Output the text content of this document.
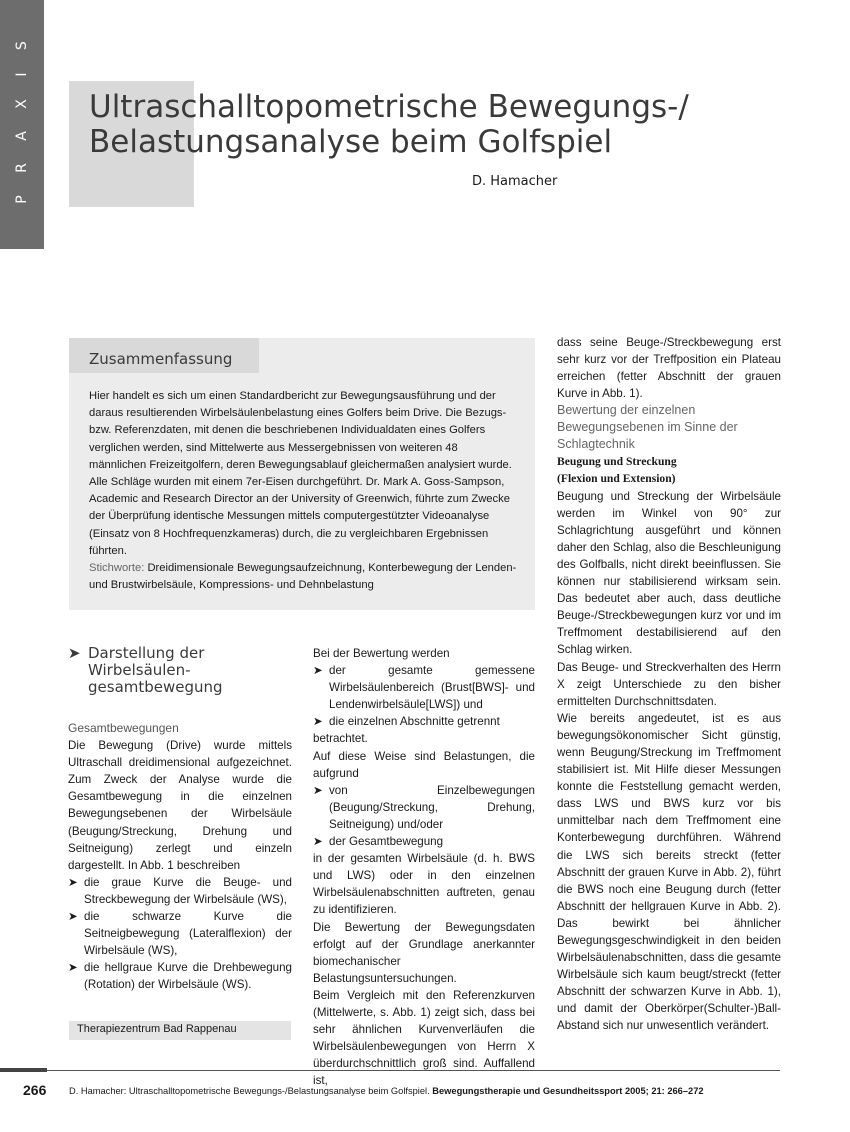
P R A X I S Ultraschalltopometrische Bewegungs-/
Belastungsanalyse beim Golfspiel
D. Hamacher
Zusammenfassung

Hier handelt es sich um einen Standardbericht zur Bewegungsausführung und der daraus resultierenden Wirbelsäulenbelastung eines Golfers beim Drive. Die Bezugs- bzw. Referenzdaten, mit denen die beschriebenen Individualdaten eines Golfers verglichen werden, sind Mittelwerte aus Messergebnissen von weiteren 48 männlichen Freizeitgolfern, deren Bewegungsablauf gleichermaßen analysiert wurde. Alle Schläge wurden mit einem 7er-Eisen durchgeführt. Dr. Mark A. Goss-Sampson, Academic and Research Director an der University of Greenwich, führte zum Zwecke der Überprüfung identische Messungen mittels computergestützter Videoanalyse (Einsatz von 8 Hochfrequenzkameras) durch, die zu vergleichbaren Ergebnissen führten.

Stichworte: Dreidimensionale Bewegungsaufzeichnung, Konterbewegung der Lenden- und Brustwirbelsäule, Kompressions- und Dehnbelastung

➤ Darstellung der Wirbelsäulen-gesamtbewegung

Gesamtbewegungen

Die Bewegung (Drive) wurde mittels Ultraschall dreidimensional aufgezeichnet. Zum Zweck der Analyse wurde die Gesamtbewegung in die einzelnen Bewegungsebenen der Wirbelsäule (Beugung/Streckung, Drehung und Seitneigung) zerlegt und einzeln dargestellt. In Abb. 1 beschreiben

➤ die graue Kurve die Beuge- und Streckbewegung der Wirbelsäule (WS),
➤ die schwarze Kurve die Seitneigbewegung (Lateralflexion) der Wirbelsäule (WS),
➤ die hellgraue Kurve die Drehbewegung (Rotation) der Wirbelsäule (WS).
Therapiezentrum Bad Rappenau

Bei der Bewertung werden

➤ der gesamte gemessene Wirbelsäulenbereich (Brust[BWS]- und Lendenwirbelsäule[LWS]) und
➤ die einzelnen Abschnitte getrennt

betrachtet.

Auf diese Weise sind Belastungen, die aufgrund

➤ von Einzelbewegungen (Beugung/Streckung, Drehung, Seitneigung) und/oder
➤ der Gesamtbewegung

in der gesamten Wirbelsäule (d. h. BWS und LWS) oder in den einzelnen Wirbelsäulenabschnitten auftreten, genau zu identifizieren.

Die Bewertung der Bewegungsdaten erfolgt auf der Grundlage anerkannter biomechanischer Belastungsuntersuchungen.

Beim Vergleich mit den Referenzkurven (Mittelwerte, s. Abb. 1) zeigt sich, dass bei sehr ähnlichen Kurvenverläufen die Wirbelsäulenbewegungen von Herrn X überdurchschnittlich groß sind. Auffallend ist,

dass seine Beuge-/Streckbewegung erst sehr kurz vor der Treffposition ein Plateau erreichen (fetter Abschnitt der grauen Kurve in Abb. 1).

Bewertung der einzelnen Bewegungsebenen im Sinne der Schlagtechnik

Beugung und Streckung

(Flexion und Extension)

Beugung und Streckung der Wirbelsäule werden im Winkel von 90° zur Schlagrichtung ausgeführt und können daher den Schlag, also die Beschleunigung des Golfballs, nicht direkt beeinflussen. Sie können nur stabilisierend wirksam sein. Das bedeutet aber auch, dass deutliche Beuge-/Streckbewegungen kurz vor und im Treffmoment destabilisierend auf den Schlag wirken.

Das Beuge- und Streckverhalten des Herrn X zeigt Unterschiede zu den bisher ermittelten Durchschnittsdaten.

Wie bereits angedeutet, ist es aus bewegungsökonomischer Sicht günstig, wenn Beugung/Streckung im Treffmoment stabilisiert ist. Mit Hilfe dieser Messungen konnte die Feststellung gemacht werden, dass LWS und BWS kurz vor bis unmittelbar nach dem Treffmoment eine Konterbewegung durchführen. Während die LWS sich bereits streckt (fetter Abschnitt der grauen Kurve in Abb. 2), führt die BWS noch eine Beugung durch (fetter Abschnitt der hellgrauen Kurve in Abb. 2). Das bewirkt bei ähnlicher Bewegungsgeschwindigkeit in den beiden Wirbelsäulenabschnitten, dass die gesamte Wirbelsäule sich kaum beugt/streckt (fetter Abschnitt der schwarzen Kurve in Abb. 1), und damit der Oberkörper(Schulter-)Ball-Abstand sich nur unwesentlich verändert.

266 D. Hamacher: Ultraschalltopometrische Bewegungs-/Belastungsanalyse beim Golfspiel. Bewegungstherapie und Gesundheitssport 2005; 21: 266–272
